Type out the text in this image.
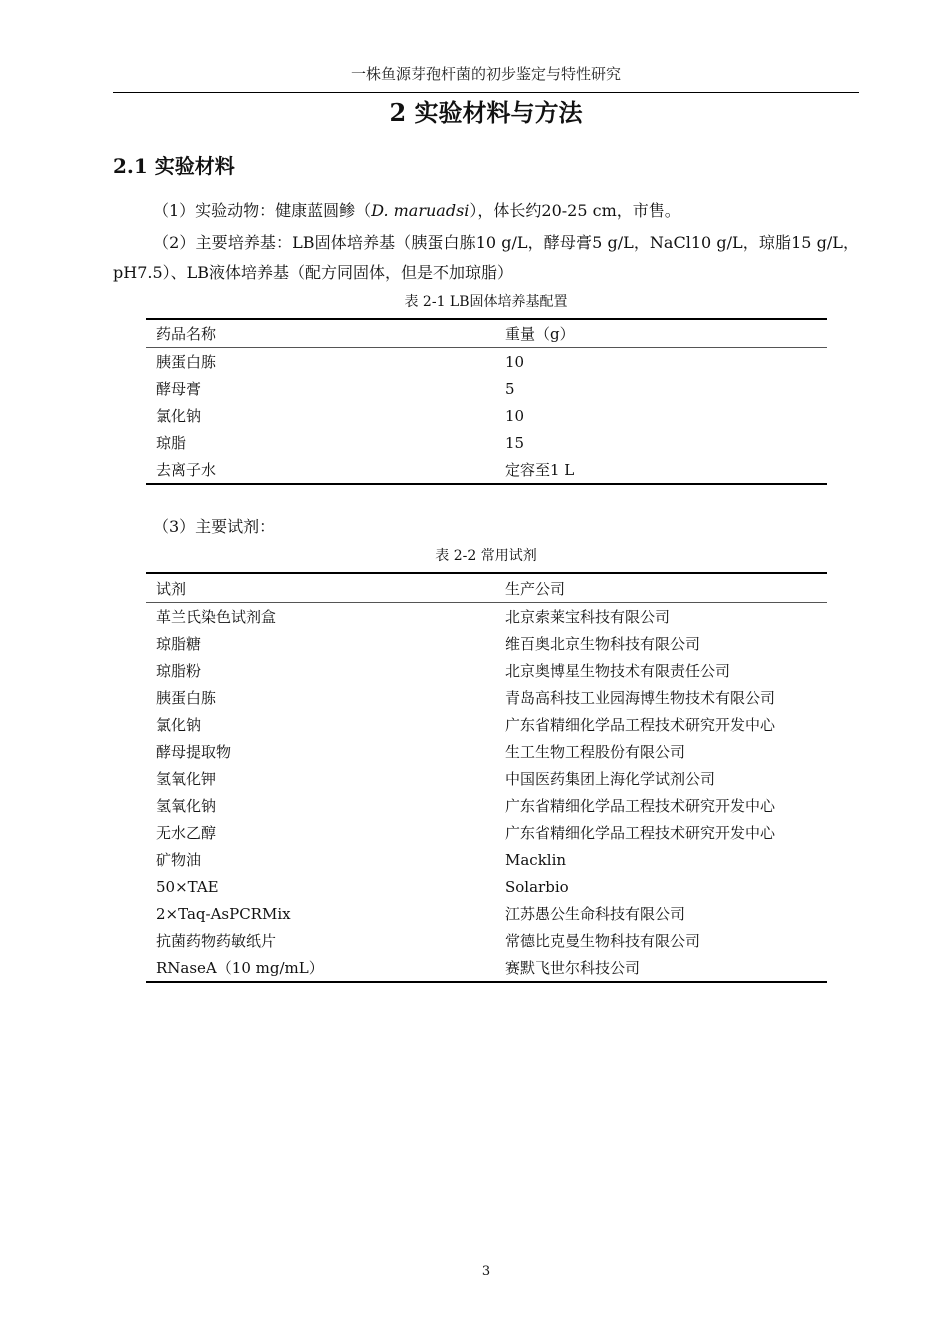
一株鱼源芽孢杆菌的初步鉴定与特性研究
2 实验材料与方法
2.1 实验材料
（1）实验动物：健康蓝圆鲹（D. maruadsi），体长约20-25 cm，市售。
（2）主要培养基：LB固体培养基（胰蛋白胨10 g/L，酵母膏5 g/L，NaCl10 g/L，琼脂15 g/L，pH7.5）、LB液体培养基（配方同固体，但是不加琼脂）
表 2-1 LB固体培养基配置
药品名称	重量（g）
胰蛋白胨	10
酵母膏	5
氯化钠	10
琼脂	15
去离子水	定容至1 L
（3）主要试剂：
表 2-2 常用试剂
试剂	生产公司
革兰氏染色试剂盒	北京索莱宝科技有限公司
琼脂糖	维百奥北京生物科技有限公司
琼脂粉	北京奥博星生物技术有限责任公司
胰蛋白胨	青岛高科技工业园海博生物技术有限公司
氯化钠	广东省精细化学品工程技术研究开发中心
酵母提取物	生工生物工程股份有限公司
氢氧化钾	中国医药集团上海化学试剂公司
氢氧化钠	广东省精细化学品工程技术研究开发中心
无水乙醇	广东省精细化学品工程技术研究开发中心
矿物油	Macklin
50×TAE	Solarbio
2×Taq-AsPCRMix	江苏愚公生命科技有限公司
抗菌药物药敏纸片	常德比克曼生物科技有限公司
RNaseA（10 mg/mL）	赛默飞世尔科技公司
3
